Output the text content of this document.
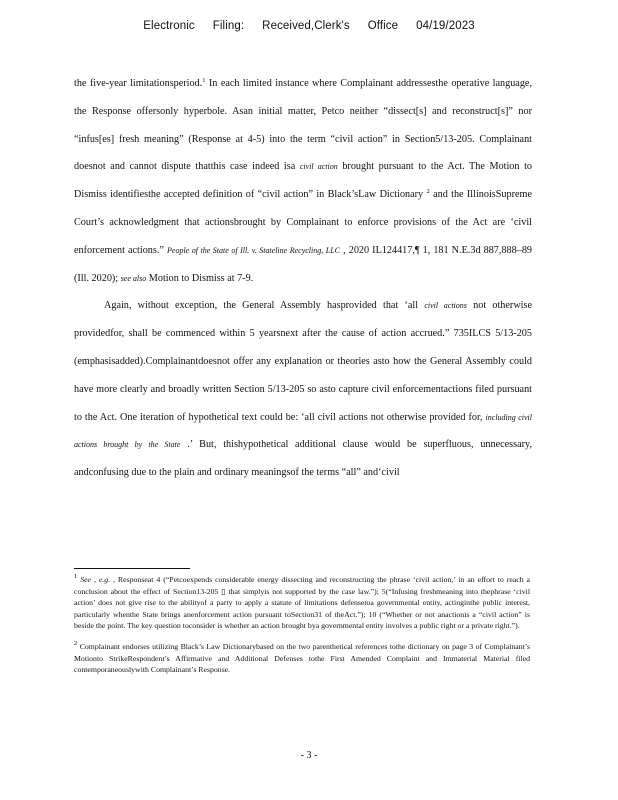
Electronic Filing: Received,Clerk's Office 04/19/2023

the five-year limitationsperiod.$^1$ In each limited instance where Complainant addressesthe operative language, the Response offersonly hyperbole. Asan initial matter, Petco neither “dissect[s] and reconstruct[s]” nor “infus[es] fresh meaning” (Response at 4-5) into the term “civil action” in Section5/13-205. Complainant doesnot and cannot dispute thatthis case indeed isa civil action brought pursuant to the Act. The Motion to Dismiss identifiesthe accepted definition of “civil action” in Black’sLaw Dictionary $^2$ and the IllinoisSupreme Court’s acknowledgment that actionsbrought by Complainant to enforce provisions of the Act are ‘civil enforcement actions.” People of the State of Ill. v. Stateline Recycling, LLC , 2020 IL124417,¶ 1, 181 N.E.3d 887,888–89 (Ill. 2020); see also Motion to Dismiss at 7-9.

Again, without exception, the General Assembly hasprovided that ‘all civil actions not otherwise providedfor, shall be commenced within 5 yearsnext after the cause of action accrued.” 735ILCS 5/13-205 (emphasisadded).Complainantdoesnot offer any explanation or theories asto how the General Assembly could have more clearly and broadly written Section 5/13-205 so asto capture civil enforcementactions filed pursuant to the Act. One iteration of hypothetical text could be: ‘all civil actions not otherwise provided for, including civil actions brought by the State .’ But, thishypothetical additional clause would be superfluous, unnecessary, andconfusing due to the plain and ordinary meaningsof the terms “all” and‘civil

$^1$ See , e.g. , Responseat 4 (“Petcoexpends considerable energy dissecting and reconstructing the phrase ‘civil action,’ in an effort to reach a conclusion about the effect of Section13-205 ▯ that simplyis not supported by the case law.”); 5(“Infusing freshmeaning into thephrase ‘civil action’ does not give rise to the abilityof a party to apply a statute of limitations defensetoa governmental entity, actinginthe public interest, particularly whenthe State brings anenforcement action pursuant toSection31 of theAct.”); 10 (“Whether or not anactionis a “civil action” is beside the point. The key question toconsider is whether an action brought bya governmental entity involves a public right or a private right.”).

$^2$ Complainant endorses utilizing Black’s Law Dictionarybased on the two parenthetical references tothe dictionary on page 3 of Complainant’s Motionto StrikeRespondent’s Affirmative and Additional Defenses tothe First Amended Complaint and Immaterial Material filed contemporaneouslywith Complainant’s Response.

- 3 -
